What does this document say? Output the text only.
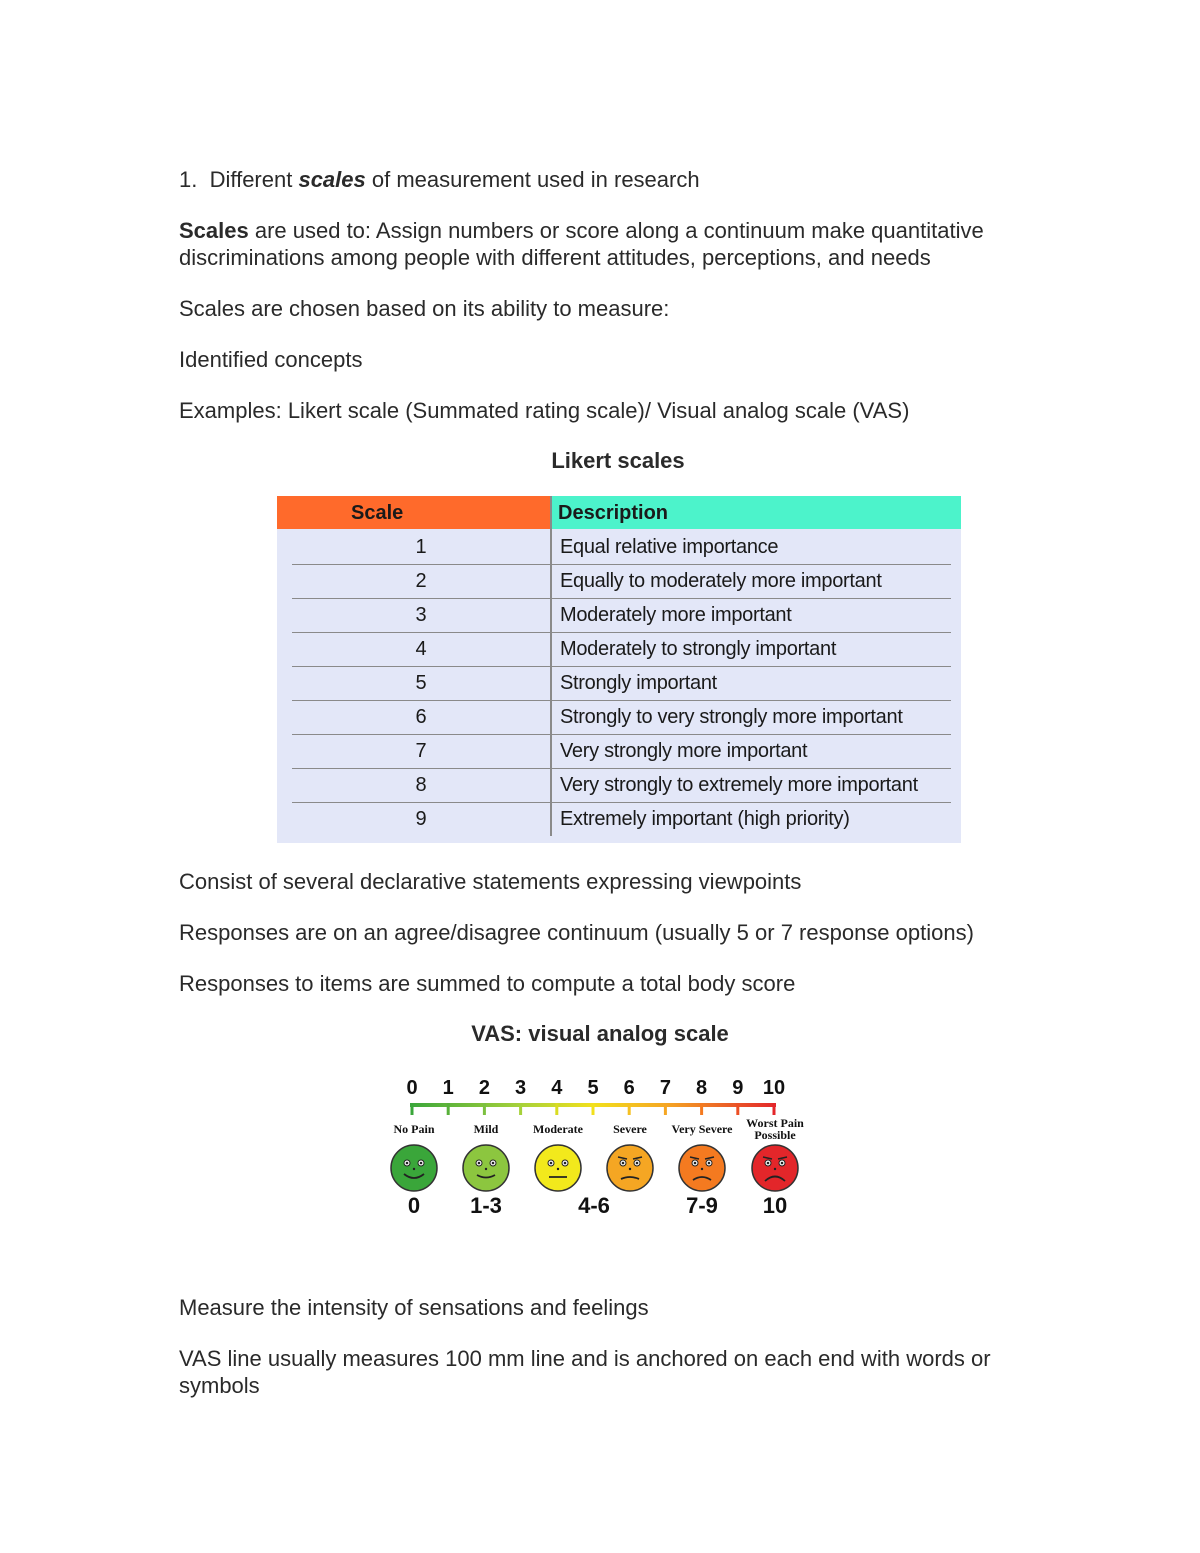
1. Different scales of measurement used in research

Scales are used to: Assign numbers or score along a continuum make quantitative
discriminations among people with different attitudes, perceptions, and needs

Scales are chosen based on its ability to measure:

Identified concepts

Examples: Likert scale (Summated rating scale)/ Visual analog scale (VAS)

Likert scales
Scale	Description
1	Equal relative importance
2	Equally to moderately more important
3	Moderately more important
4	Moderately to strongly important
5	Strongly important
6	Strongly to very strongly more important
7	Very strongly more important
8	Very strongly to extremely more important
9	Extremely important (high priority)

Consist of several declarative statements expressing viewpoints

Responses are on an agree/disagree continuum (usually 5 or 7 response options)

Responses to items are summed to compute a total body score

VAS: visual analog scale
0 1 2 3 4 5 6 7 8 9 10
No Pain	Mild	Moderate	Severe Very Severe Worst Pain
Possible
0 1-3	4-6	7-9 10

Measure the intensity of sensations and feelings

VAS line usually measures 100 mm line and is anchored on each end with words or
symbols
